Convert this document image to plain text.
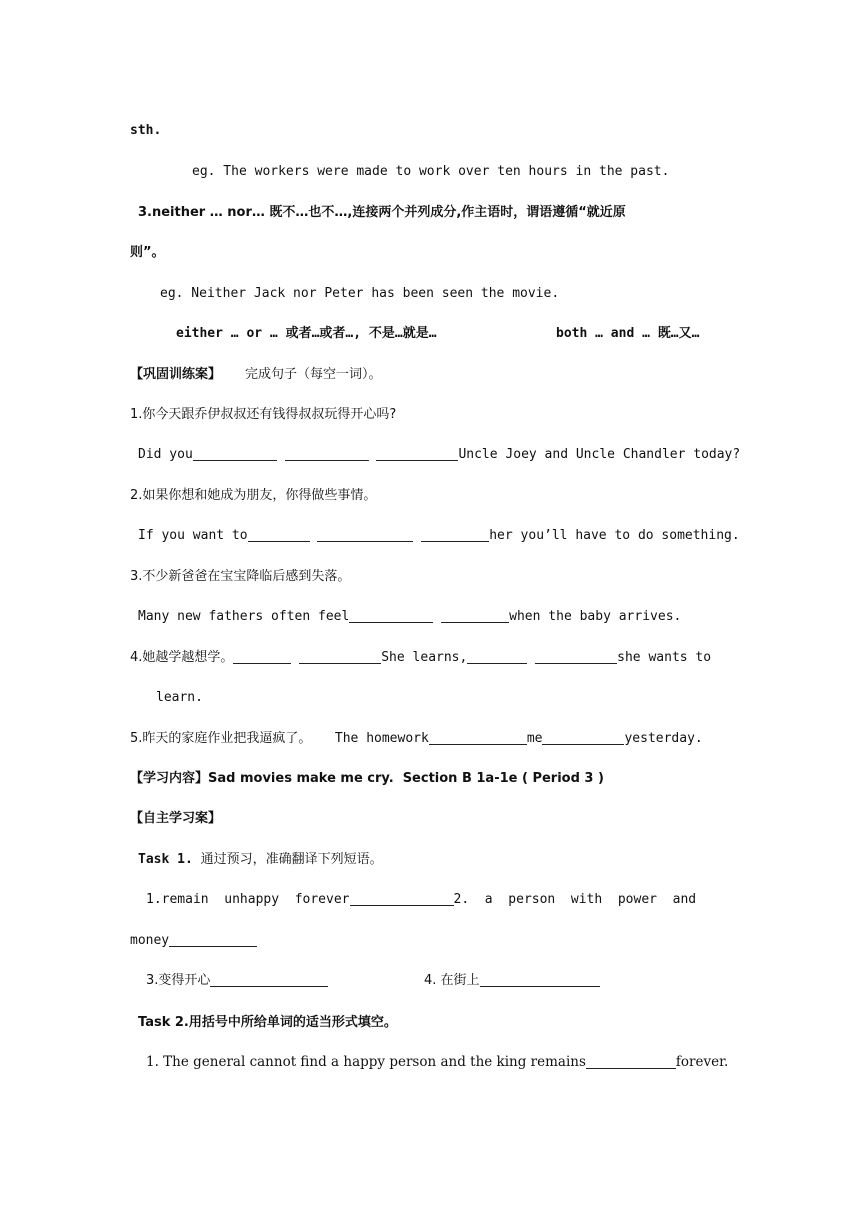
sth.
eg. The workers were made to work over ten hours in the past.
3.neither … nor… 既不…也不…,连接两个并列成分,作主语时，谓语遵循“就近原
则”。
eg. Neither Jack nor Peter has been seen the movie.
either … or … 或者…或者…, 不是…就是…	both … and … 既…又…
【巩固训练案】 完成句子（每空一词）。
1.你今天跟乔伊叔叔还有钱得叔叔玩得开心吗?
Did you	Uncle Joey and Uncle Chandler today?
2.如果你想和她成为朋友，你得做些事情。
If you want to	her you’ll have to do something.
3.不少新爸爸在宝宝降临后感到失落。
Many new fathers often feel	when the baby arrives.
4.她越学越想学。	She learns,	she wants to
learn.
5.昨天的家庭作业把我逼疯了。 The homework	me	yesterday.
【学习内容】Sad movies make me cry.  Section B 1a-1e ( Period 3 )
【自主学习案】
Task 1. 通过预习，准确翻译下列短语。
1.remain  unhappy  forever	2.  a  person  with  power  and
money
3.变得开心	4. 在街上
Task 2.用括号中所给单词的适当形式填空。
1. The general cannot find a happy person and the king remains	forever.
